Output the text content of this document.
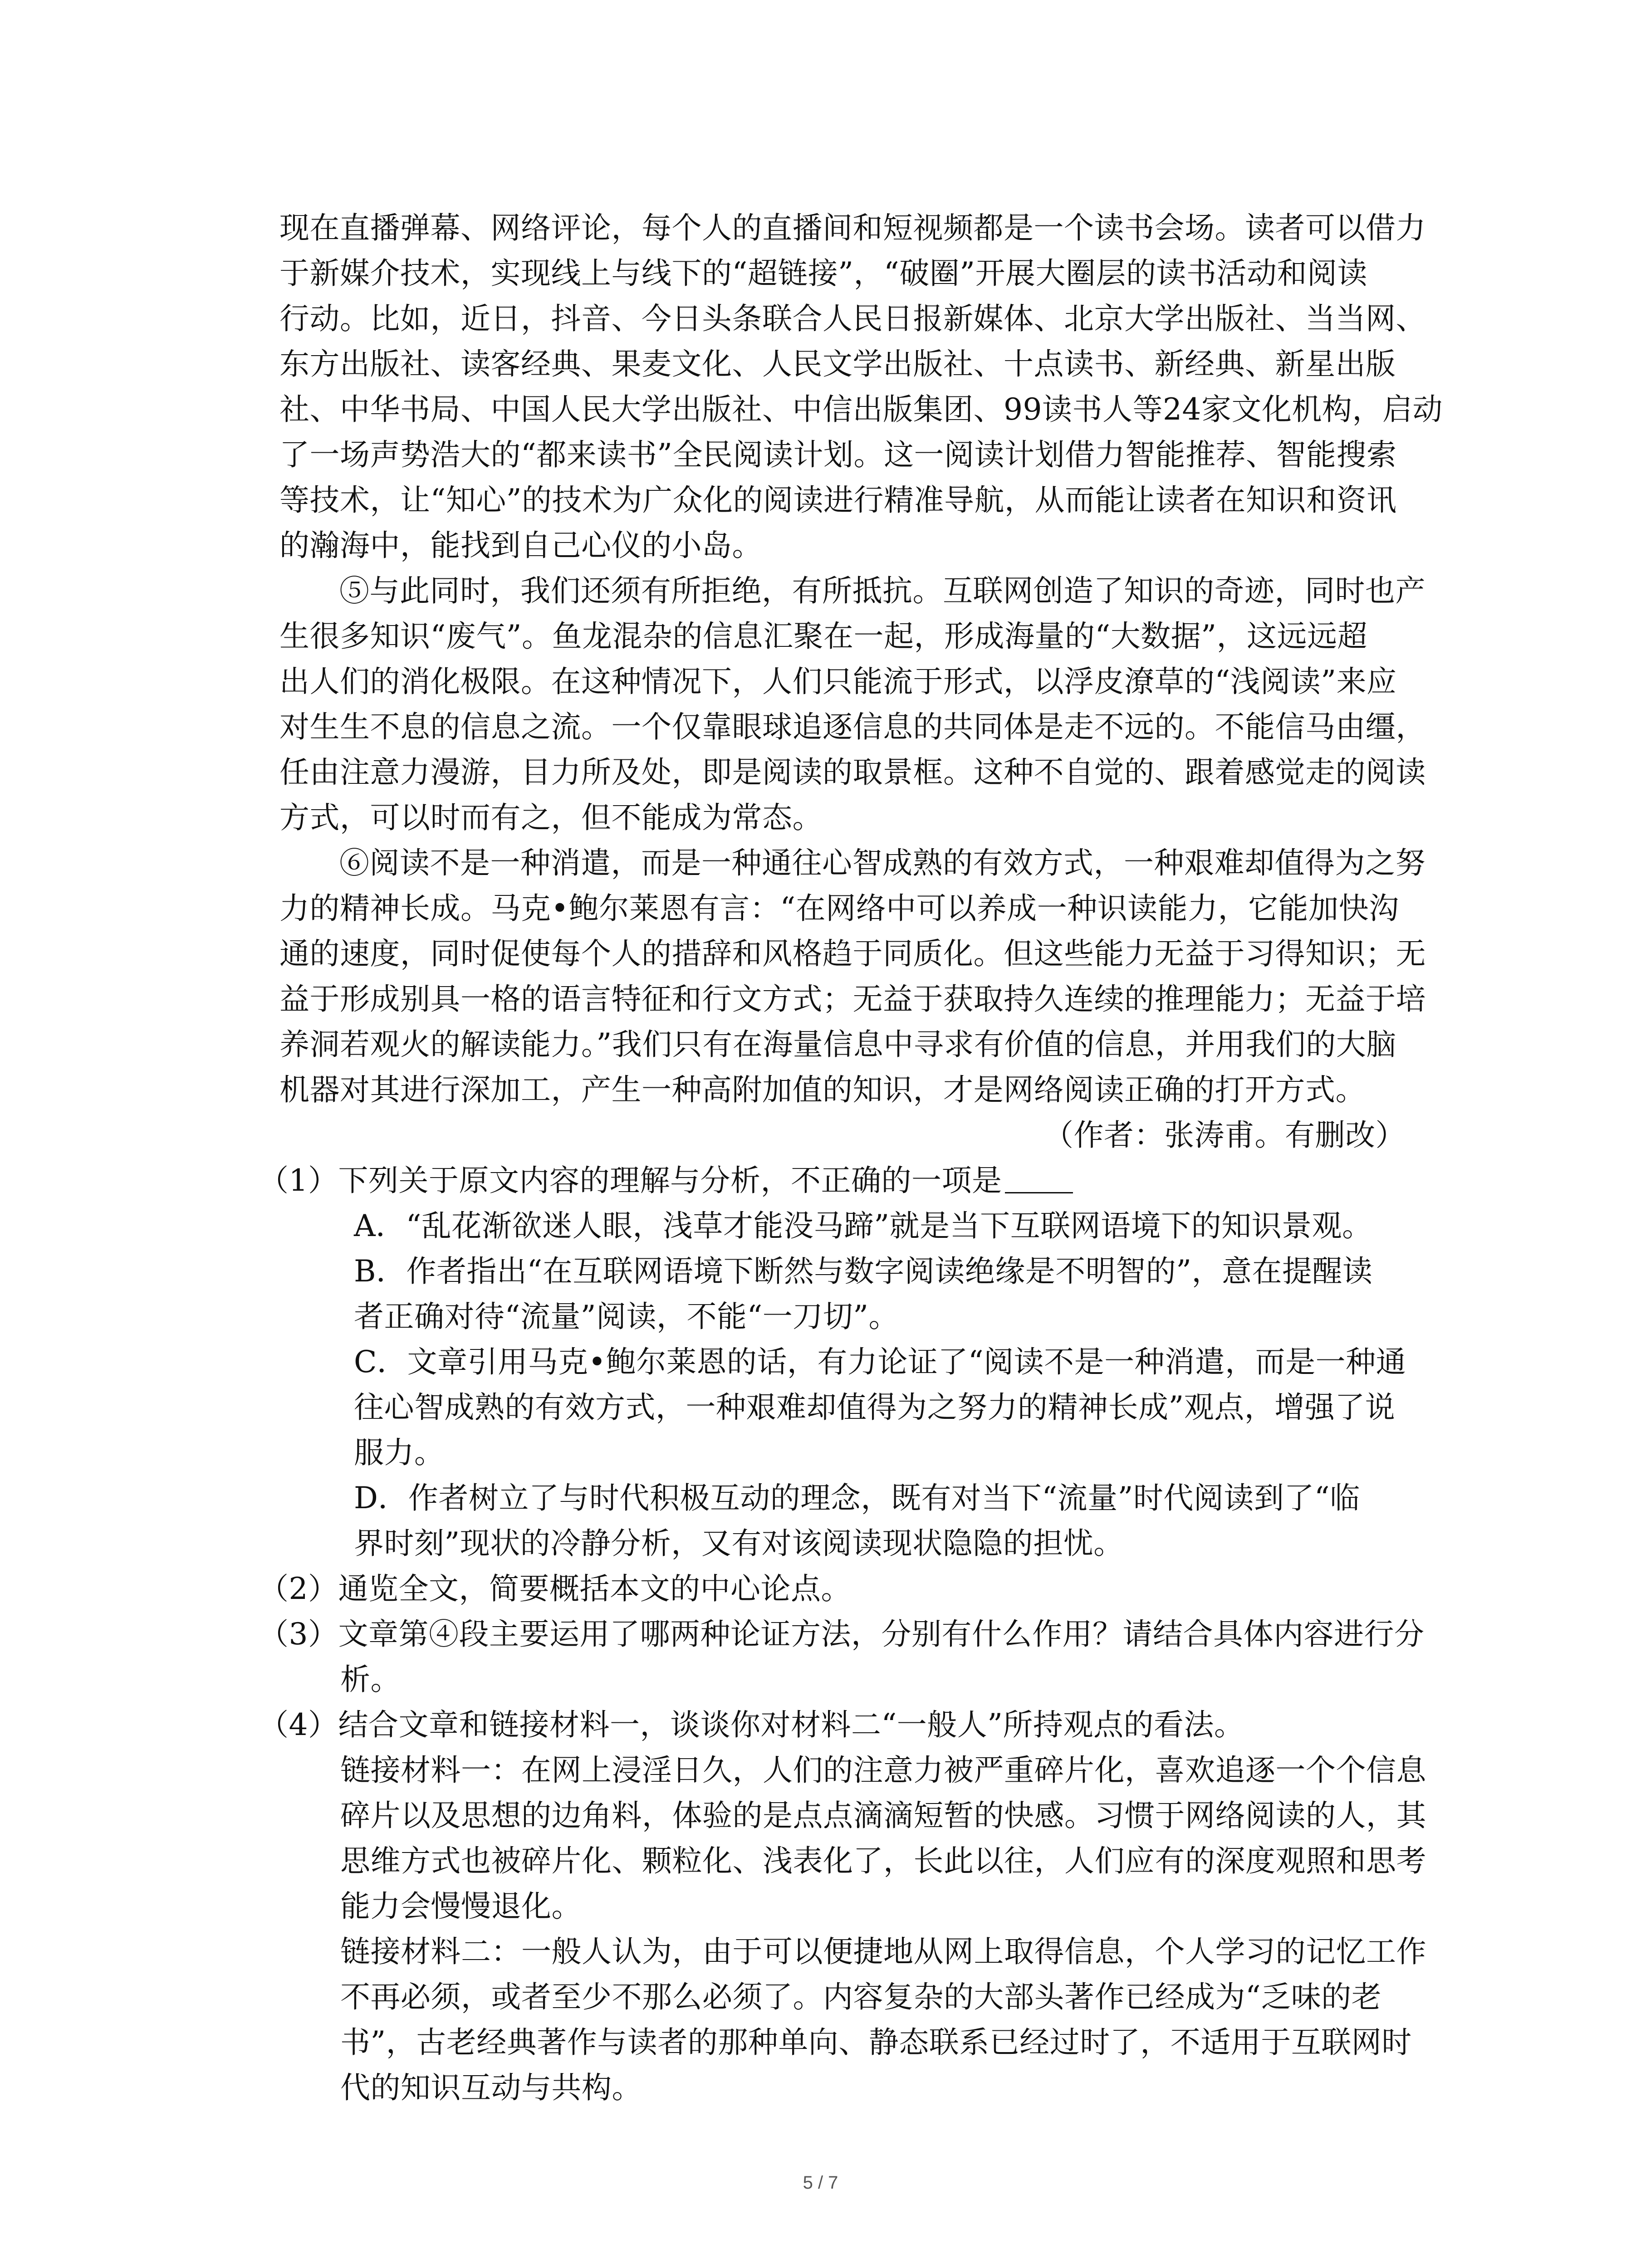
现在直播弹幕、网络评论，每个人的直播间和短视频都是一个读书会场。读者可以借力
于新媒介技术，实现线上与线下的“超链接”，“破圈”开展大圈层的读书活动和阅读
行动。比如，近日，抖音、今日头条联合人民日报新媒体、北京大学出版社、当当网、
东方出版社、读客经典、果麦文化、人民文学出版社、十点读书、新经典、新星出版
社、中华书局、中国人民大学出版社、中信出版集团、99读书人等24家文化机构，启动
了一场声势浩大的“都来读书”全民阅读计划。这一阅读计划借力智能推荐、智能搜索
等技术，让“知心”的技术为广众化的阅读进行精准导航，从而能让读者在知识和资讯
的瀚海中，能找到自己心仪的小岛。
⑤与此同时，我们还须有所拒绝，有所抵抗。互联网创造了知识的奇迹，同时也产
生很多知识“废气”。鱼龙混杂的信息汇聚在一起，形成海量的“大数据”，这远远超
出人们的消化极限。在这种情况下，人们只能流于形式，以浮皮潦草的“浅阅读”来应
对生生不息的信息之流。一个仅靠眼球追逐信息的共同体是走不远的。不能信马由缰，
任由注意力漫游，目力所及处，即是阅读的取景框。这种不自觉的、跟着感觉走的阅读
方式，可以时而有之，但不能成为常态。
⑥阅读不是一种消遣，而是一种通往心智成熟的有效方式，一种艰难却值得为之努
力的精神长成。马克•鲍尔莱恩有言：“在网络中可以养成一种识读能力，它能加快沟
通的速度，同时促使每个人的措辞和风格趋于同质化。但这些能力无益于习得知识；无
益于形成别具一格的语言特征和行文方式；无益于获取持久连续的推理能力；无益于培
养洞若观火的解读能力。”我们只有在海量信息中寻求有价值的信息，并用我们的大脑
机器对其进行深加工，产生一种高附加值的知识，才是网络阅读正确的打开方式。
（作者：张涛甫。有删改）
（1）下列关于原文内容的理解与分析，不正确的一项是
A．“乱花渐欲迷人眼，浅草才能没马蹄”就是当下互联网语境下的知识景观。
B．作者指出“在互联网语境下断然与数字阅读绝缘是不明智的”，意在提醒读
者正确对待“流量”阅读，不能“一刀切”。
C．文章引用马克•鲍尔莱恩的话，有力论证了“阅读不是一种消遣，而是一种通
往心智成熟的有效方式，一种艰难却值得为之努力的精神长成”观点，增强了说
服力。
D．作者树立了与时代积极互动的理念，既有对当下“流量”时代阅读到了“临
界时刻”现状的冷静分析，又有对该阅读现状隐隐的担忧。
（2）通览全文，简要概括本文的中心论点。
（3）文章第④段主要运用了哪两种论证方法，分别有什么作用？请结合具体内容进行分
析。
（4）结合文章和链接材料一，谈谈你对材料二“一般人”所持观点的看法。
链接材料一：在网上浸淫日久，人们的注意力被严重碎片化，喜欢追逐一个个信息
碎片以及思想的边角料，体验的是点点滴滴短暂的快感。习惯于网络阅读的人，其
思维方式也被碎片化、颗粒化、浅表化了，长此以往，人们应有的深度观照和思考
能力会慢慢退化。
链接材料二：一般人认为，由于可以便捷地从网上取得信息，个人学习的记忆工作
不再必须，或者至少不那么必须了。内容复杂的大部头著作已经成为“乏味的老
书”，古老经典著作与读者的那种单向、静态联系已经过时了，不适用于互联网时
代的知识互动与共构。
5 / 7
